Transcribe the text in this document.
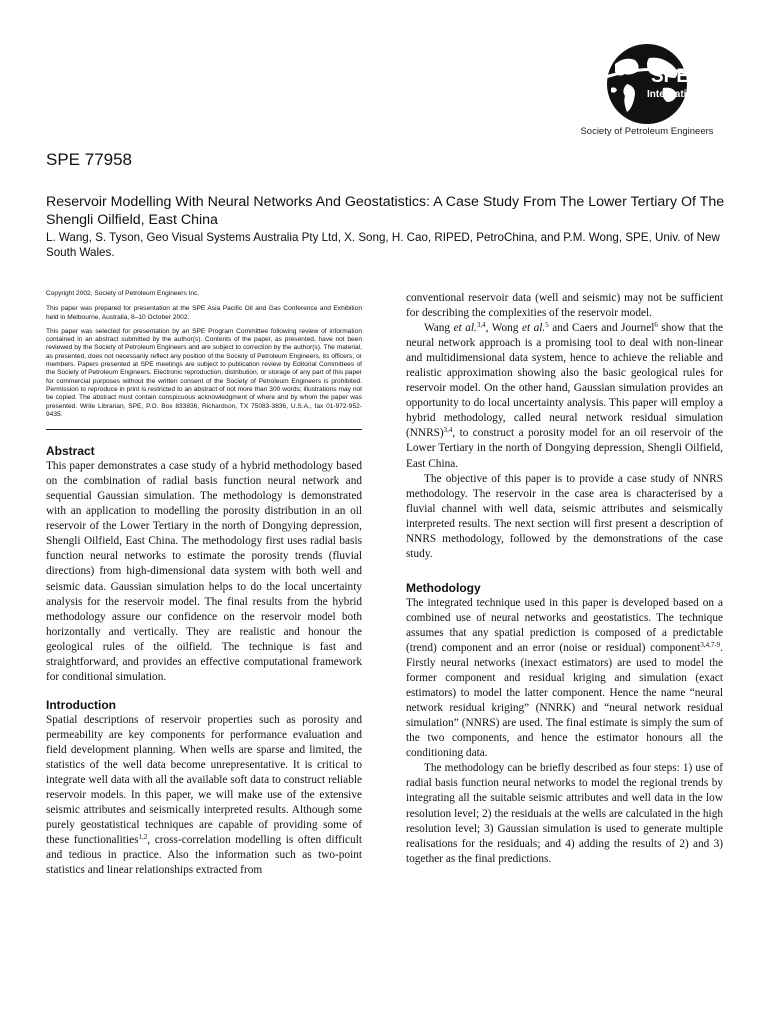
SPE
International
Society of Petroleum Engineers
SPE 77958
Reservoir Modelling With Neural Networks And Geostatistics: A Case Study From The Lower Tertiary Of The Shengli Oilfield, East China
L. Wang, S. Tyson, Geo Visual Systems Australia Pty Ltd, X. Song, H. Cao, RIPED, PetroChina, and P.M. Wong, SPE, Univ. of New South Wales.

Copyright 2002, Society of Petroleum Engineers Inc.

This paper was prepared for presentation at the SPE Asia Pacific Oil and Gas Conference and Exhibition held in Melbourne, Australia, 8–10 October 2002.

This paper was selected for presentation by an SPE Program Committee following review of information contained in an abstract submitted by the author(s). Contents of the paper, as presented, have not been reviewed by the Society of Petroleum Engineers and are subject to correction by the author(s). The material, as presented, does not necessarily reflect any position of the Society of Petroleum Engineers, its officers, or members. Papers presented at SPE meetings are subject to publication review by Editorial Committees of the Society of Petroleum Engineers. Electronic reproduction, distribution, or storage of any part of this paper for commercial purposes without the written consent of the Society of Petroleum Engineers is prohibited. Permission to reproduce in print is restricted to an abstract of not more than 300 words; illustrations may not be copied. The abstract must contain conspicuous acknowledgment of where and by whom the paper was presented. Write Librarian, SPE, P.O. Box 833836, Richardson, TX 75083-3836, U.S.A., fax 01-972-952-9435.

Abstract

This paper demonstrates a case study of a hybrid methodology based on the combination of radial basis function neural network and sequential Gaussian simulation. The methodology is demonstrated with an application to modelling the porosity distribution in an oil reservoir of the Lower Tertiary in the north of Dongying depression, Shengli Oilfield, East China. The methodology first uses radial basis function neural networks to estimate the porosity trends (fluvial directions) from high-dimensional data system with both well and seismic data. Gaussian simulation helps to do the local uncertainty analysis for the reservoir model. The final results from the hybrid methodology assure our confidence on the reservoir model both horizontally and vertically. They are realistic and honour the geological rules of the oilfield. The technique is fast and straightforward, and provides an effective computational framework for conditional simulation.

Introduction

Spatial descriptions of reservoir properties such as porosity and permeability are key components for performance evaluation and field development planning. When wells are sparse and limited, the statistics of the well data become unrepresentative. It is critical to integrate well data with all the available soft data to construct reliable reservoir models. In this paper, we will make use of the extensive seismic attributes and seismically interpreted results. Although some purely geostatistical techniques are capable of providing some of these functionalities$^{1,2}$, cross-correlation modelling is often difficult and tedious in practice. Also the information such as two-point statistics and linear relationships extracted from

conventional reservoir data (well and seismic) may not be sufficient for describing the complexities of the reservoir model.

Wang et al.$^{3,4}$, Wong et al.$^5$ and Caers and Journel$^6$ show that the neural network approach is a promising tool to deal with non-linear and multidimensional data system, hence to achieve the reliable and realistic approximation showing also the basic geological rules for reservoir model. On the other hand, Gaussian simulation provides an opportunity to do local uncertainty analysis. This paper will employ a hybrid methodology, called neural network residual simulation (NNRS)$^{3,4}$, to construct a porosity model for an oil reservoir of the Lower Tertiary in the north of Dongying depression, Shengli Oilfield, East China.

The objective of this paper is to provide a case study of NNRS methodology. The reservoir in the case area is characterised by a fluvial channel with well data, seismic attributes and seismically interpreted results. The next section will first present a description of NNRS methodology, followed by the demonstrations of the case study.

Methodology

The integrated technique used in this paper is developed based on a combined use of neural networks and geostatistics. The technique assumes that any spatial prediction is composed of a predictable (trend) component and an error (noise or residual) component$^{3,4,7-9}$. Firstly neural networks (inexact estimators) are used to model the former component and residual kriging and simulation (exact estimators) to model the latter component. Hence the name “neural network residual kriging” (NNRK) and “neural network residual simulation” (NNRS) are used. The final estimate is simply the sum of the two components, and hence the estimator honours all the conditioning data.

The methodology can be briefly described as four steps: 1) use of radial basis function neural networks to model the regional trends by integrating all the suitable seismic attributes and well data in the low resolution level; 2) the residuals at the wells are calculated in the high resolution level; 3) Gaussian simulation is used to generate multiple realisations for the residuals; and 4) adding the results of 2) and 3) together as the final predictions.
